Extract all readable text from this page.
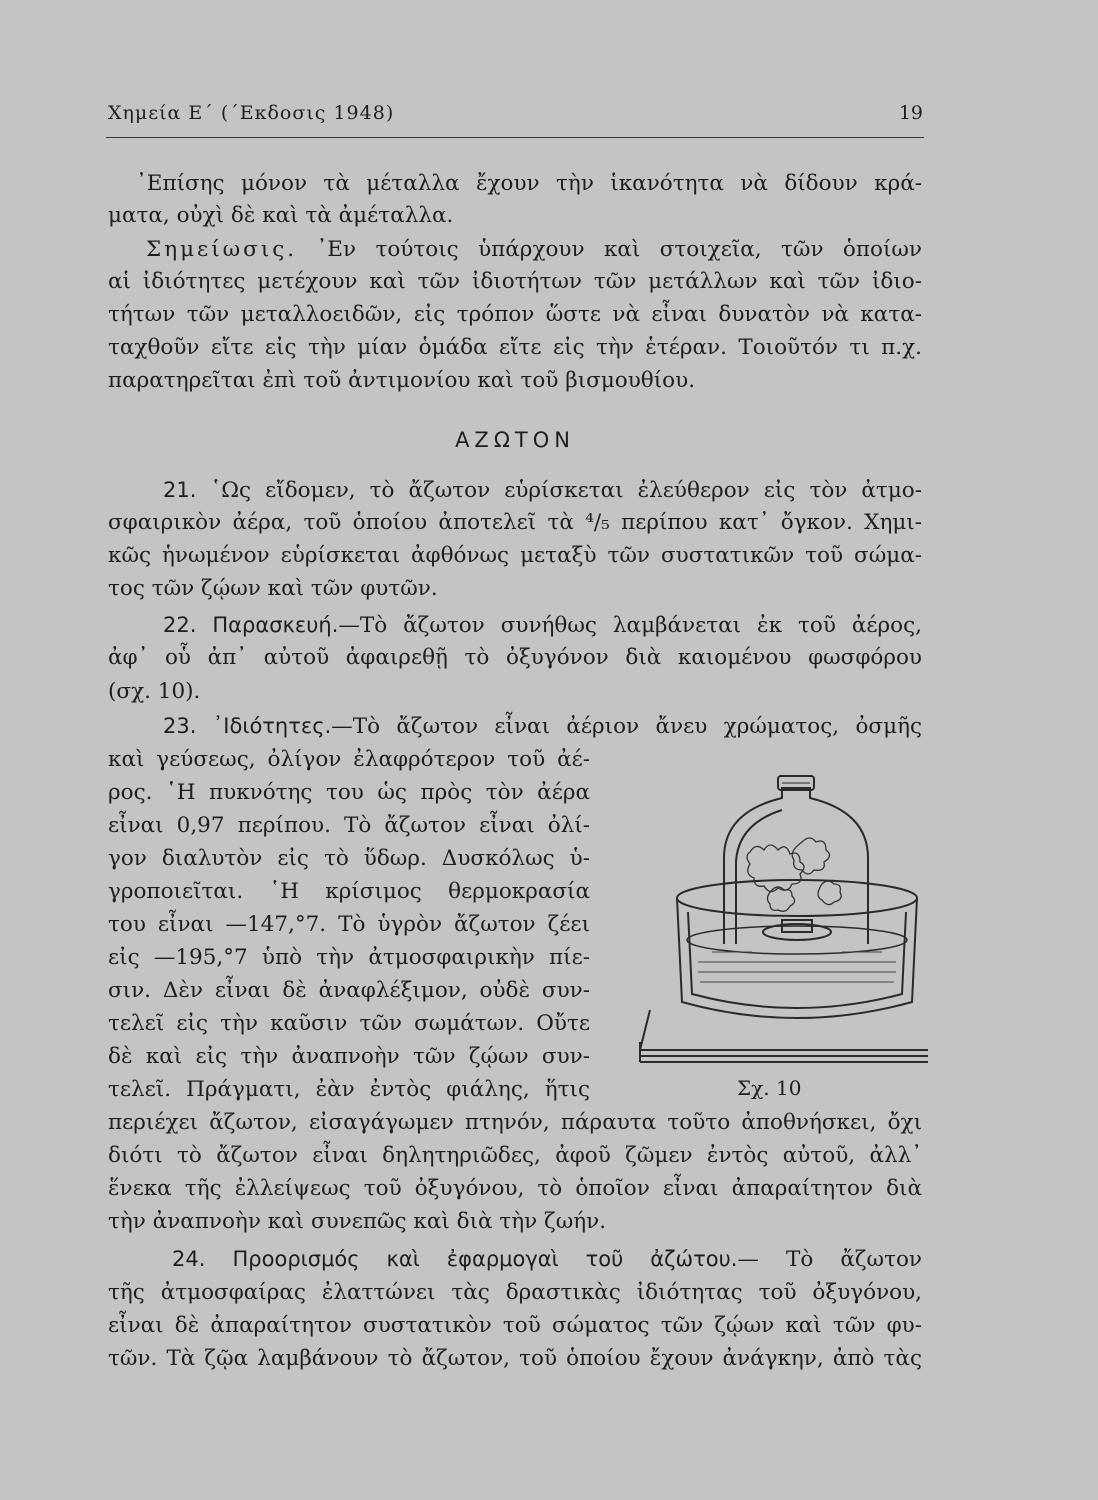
Χημεία Ε΄ (΄Εκδοσις 1948)	19
᾿Επίσης μόνον τὰ μέταλλα ἔχουν τὴν ἱκανότητα νὰ δίδουν κρά-
ματα, οὐχὶ δὲ καὶ τὰ ἀμέταλλα.
Σημείωσις. ᾿Εν τούτοις ὑπάρχουν καὶ στοιχεῖα, τῶν ὁποίων
αἱ ἰδιότητες μετέχουν καὶ τῶν ἰδιοτήτων τῶν μετάλλων καὶ τῶν ἰδιο-
τήτων τῶν μεταλλοειδῶν, εἰς τρόπον ὥστε νὰ εἶναι δυνατὸν νὰ κατα-
ταχθοῦν εἴτε εἰς τὴν μίαν ὁμάδα εἴτε εἰς τὴν ἑτέραν. Τοιοῦτόν τι π.χ.
παρατηρεῖται ἐπὶ τοῦ ἀντιμονίου καὶ τοῦ βισμουθίου.
ΑΖΩΤΟΝ
21. ῾Ως εἴδομεν, τὸ ἄζωτον εὑρίσκεται ἐλεύθερον εἰς τὸν ἀτμο-
σφαιρικὸν ἀέρα, τοῦ ὁποίου ἀποτελεῖ τὰ ⁴/₅ περίπου κατ᾿ ὄγκον. Χημι-
κῶς ἡνωμένον εὑρίσκεται ἀφθόνως μεταξὺ τῶν συστατικῶν τοῦ σώμα-
τος τῶν ζῴων καὶ τῶν φυτῶν.
22. Παρασκευή.—Τὸ ἄζωτον συνήθως λαμβάνεται ἐκ τοῦ ἀέρος,
ἀφ᾿ οὗ ἀπ᾿ αὐτοῦ ἀφαιρεθῇ τὸ ὀξυγόνον διὰ καιομένου φωσφόρου
(σχ. 10).
23. ᾿Ιδιότητες.—Τὸ ἄζωτον εἶναι ἀέριον ἄνευ χρώματος, ὀσμῆς
καὶ γεύσεως, ὀλίγον ἐλαφρότερον τοῦ ἀέ-
ρος. ῾Η πυκνότης του ὡς πρὸς τὸν ἀέρα
εἶναι 0,97 περίπου. Τὸ ἄζωτον εἶναι ὀλί-
γον διαλυτὸν εἰς τὸ ὕδωρ. Δυσκόλως ὑ-
γροποιεῖται. ῾Η κρίσιμος θερμοκρασία
του εἶναι —147,°7. Τὸ ὑγρὸν ἄζωτον ζέει
εἰς —195,°7 ὑπὸ τὴν ἀτμοσφαιρικὴν πίε-
σιν. Δὲν εἶναι δὲ ἀναφλέξιμον, οὐδὲ συν-
τελεῖ εἰς τὴν καῦσιν τῶν σωμάτων. Οὔτε
δὲ καὶ εἰς τὴν ἀναπνοὴν τῶν ζῴων συν-
τελεῖ. Πράγματι, ἐὰν ἐντὸς φιάλης, ἥτις
περιέχει ἄζωτον, εἰσαγάγωμεν πτηνόν, πάραυτα τοῦτο ἀποθνήσκει, ὄχι
διότι τὸ ἄζωτον εἶναι δηλητηριῶδες, ἀφοῦ ζῶμεν ἐντὸς αὐτοῦ, ἀλλ᾿
ἕνεκα τῆς ἐλλείψεως τοῦ ὀξυγόνου, τὸ ὁποῖον εἶναι ἀπαραίτητον διὰ
τὴν ἀναπνοὴν καὶ συνεπῶς καὶ διὰ τὴν ζωήν.
24. Προορισμός καὶ ἐφαρμογαὶ τοῦ ἀζώτου.— Τὸ ἄζωτον
τῆς ἀτμοσφαίρας ἐλαττώνει τὰς δραστικὰς ἰδιότητας τοῦ ὀξυγόνου,
εἶναι δὲ ἀπαραίτητον συστατικὸν τοῦ σώματος τῶν ζῴων καὶ τῶν φυ-
τῶν. Τὰ ζῷα λαμβάνουν τὸ ἄζωτον, τοῦ ὁποίου ἔχουν ἀνάγκην, ἀπὸ τὰς
Σχ. 10
